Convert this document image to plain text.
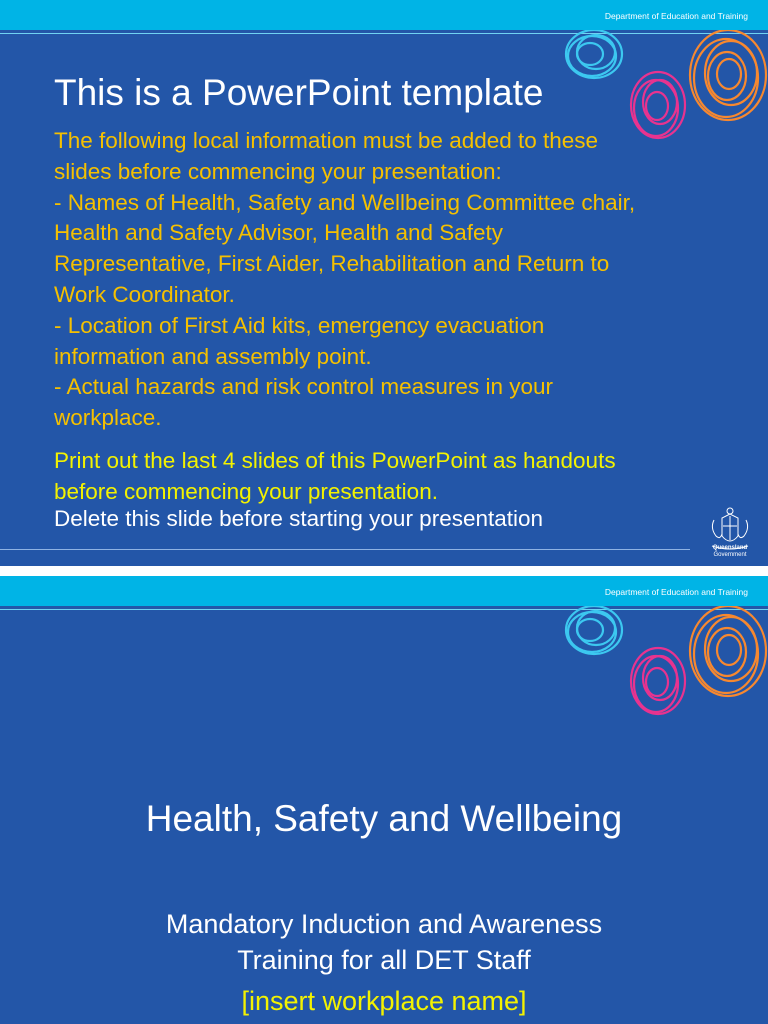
Department of Education and Training
This is a PowerPoint template
The following local information must be added to these
slides before commencing your presentation:
- Names of Health, Safety and Wellbeing Committee chair,
Health and Safety Advisor, Health and Safety
Representative, First Aider, Rehabilitation and Return to
Work Coordinator.
- Location of First Aid kits, emergency evacuation
information and assembly point.
- Actual hazards and risk control measures in your
workplace.
Print out the last 4 slides of this PowerPoint as handouts
before commencing your presentation.
Delete this slide before starting your presentation
Queensland
Government
Department of Education and Training
Health, Safety and Wellbeing
Mandatory Induction and Awareness
Training for all DET Staff
[insert workplace name]
